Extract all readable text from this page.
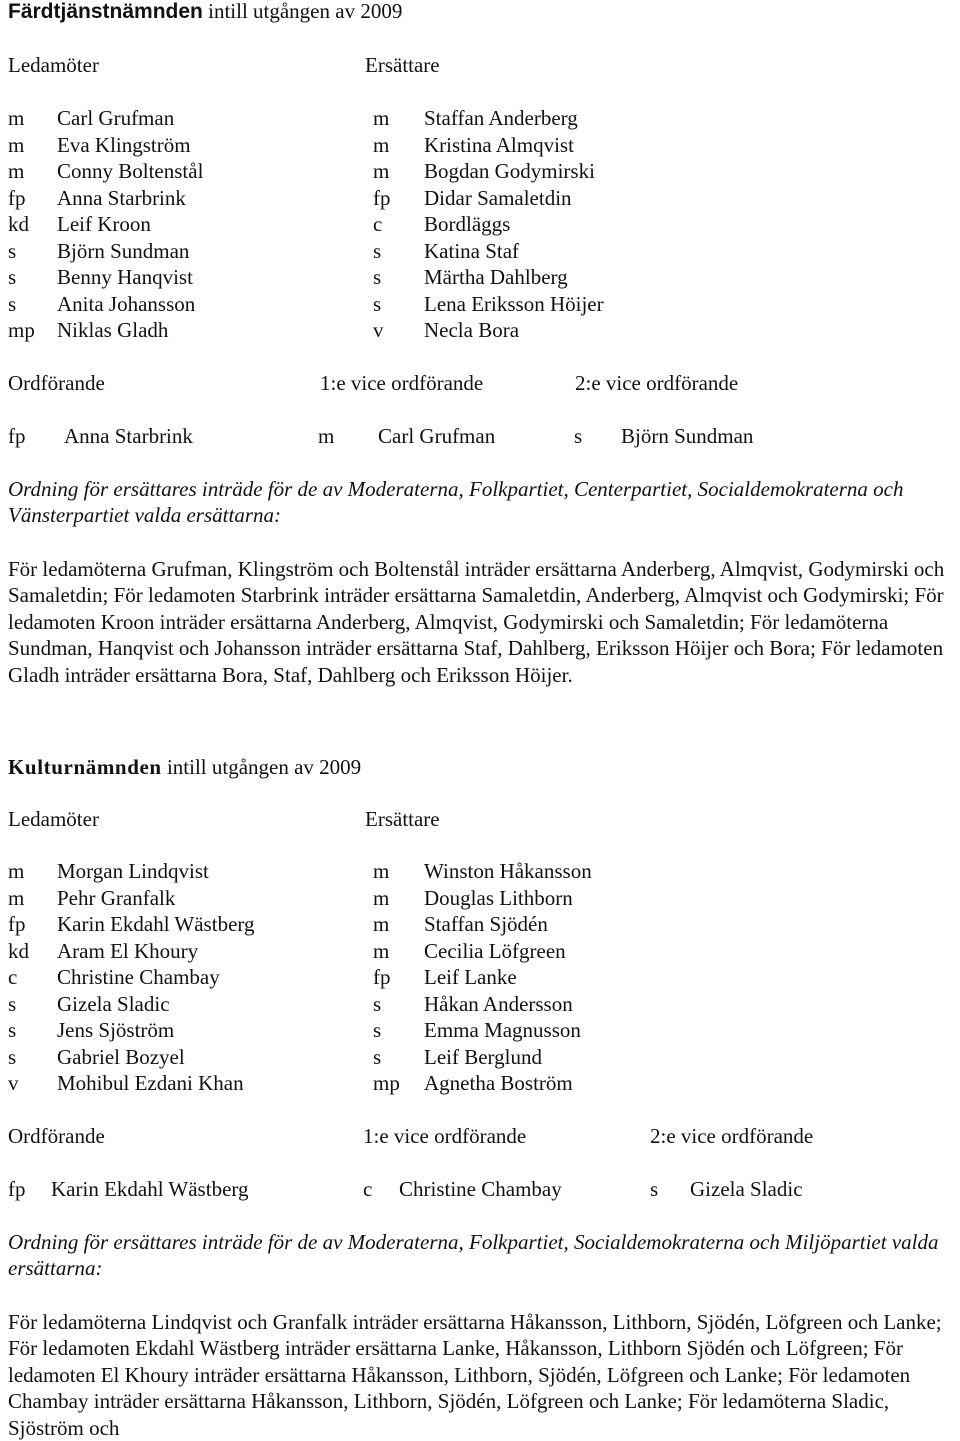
Färdtjänstnämnden intill utgången av 2009
Ledamöter	Ersättare
m Carl Grufman	m Staffan Anderberg
m Eva Klingström	m Kristina Almqvist
m Conny Boltenstål	m Bogdan Godymirski
fp Anna Starbrink	fp Didar Samaletdin
kd Leif Kroon	c Bordläggs
s Björn Sundman	s Katina Staf
s Benny Hanqvist	s Märtha Dahlberg
s Anita Johansson	s Lena Eriksson Höijer
mp Niklas Gladh	v Necla Bora
Ordförande	1:e vice ordförande	2:e vice ordförande
fp Anna Starbrink	m Carl Grufman	s Björn Sundman
Ordning för ersättares inträde för de av Moderaterna, Folkpartiet, Centerpartiet, Socialdemokraterna och Vänsterpartiet valda ersättarna:
För ledamöterna Grufman, Klingström och Boltenstål inträder ersättarna Anderberg, Almqvist, Godymirski och Samaletdin; För ledamoten Starbrink inträder ersättarna Samaletdin, Anderberg, Almqvist och Godymirski; För ledamoten Kroon inträder ersättarna Anderberg, Almqvist, Godymirski och Samaletdin; För ledamöterna Sundman, Hanqvist och Johansson inträder ersättarna Staf, Dahlberg, Eriksson Höijer och Bora; För ledamoten Gladh inträder ersättarna Bora, Staf, Dahlberg och Eriksson Höijer.
Kulturnämnden intill utgången av 2009
Ledamöter	Ersättare
m Morgan Lindqvist	m Winston Håkansson
m Pehr Granfalk	m Douglas Lithborn
fp Karin Ekdahl Wästberg	m Staffan Sjödén
kd Aram El Khoury	m Cecilia Löfgreen
c Christine Chambay	fp Leif Lanke
s Gizela Sladic	s Håkan Andersson
s Jens Sjöström	s Emma Magnusson
s Gabriel Bozyel	s Leif Berglund
v Mohibul Ezdani Khan	mp Agnetha Boström
Ordförande	1:e vice ordförande	2:e vice ordförande
fp Karin Ekdahl Wästberg	c Christine Chambay	s Gizela Sladic
Ordning för ersättares inträde för de av Moderaterna, Folkpartiet, Socialdemokraterna och Miljöpartiet valda ersättarna:
För ledamöterna Lindqvist och Granfalk inträder ersättarna Håkansson, Lithborn, Sjödén, Löfgreen och Lanke; För ledamoten Ekdahl Wästberg inträder ersättarna Lanke, Håkansson, Lithborn Sjödén och Löfgreen; För ledamoten El Khoury inträder ersättarna Håkansson, Lithborn, Sjödén, Löfgreen och Lanke; För ledamoten Chambay inträder ersättarna Håkansson, Lithborn, Sjödén, Löfgreen och Lanke; För ledamöterna Sladic, Sjöström och
